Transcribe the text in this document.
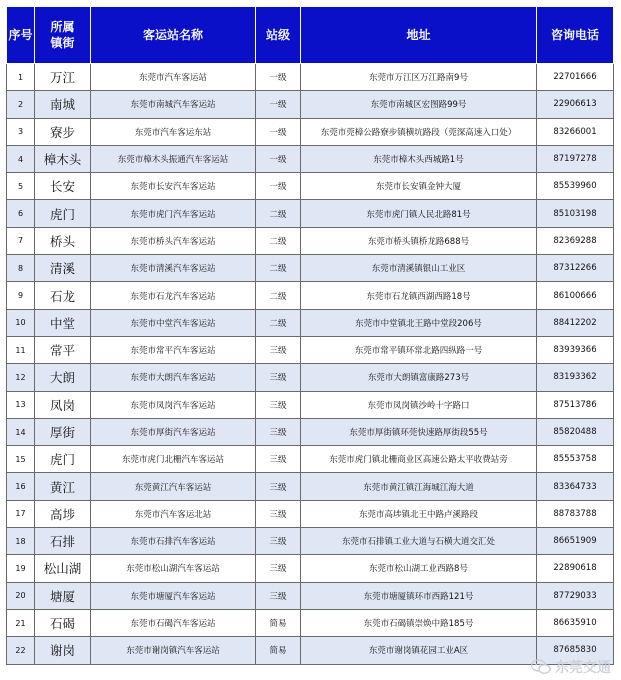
序号	所属镇街	客运站名称	站级	地址	咨询电话
1	万江	东莞市汽车客运站	一级	东莞市万江区万江路南9号	22701666
2	南城	东莞市南城汽车客运站	一级	东莞市南城区宏图路99号	22906613
3	寮步	东莞市汽车客运东站	一级	东莞市莞樟公路寮步镇横坑路段（莞深高速入口处）	83266001
4	樟木头	东莞市樟木头振通汽车客运站	一级	东莞市樟木头西城路1号	87197278
5	长安	东莞市长安汽车客运站	一级	东莞市长安镇金钟大厦	85539960
6	虎门	东莞市虎门汽车客运站	二级	东莞市虎门镇人民北路81号	85103198
7	桥头	东莞市桥头汽车客运站	二级	东莞市桥头镇桥龙路688号	82369288
8	清溪	东莞市清溪汽车客运站	二级	东莞市清溪镇银山工业区	87312266
9	石龙	东莞市石龙汽车客运站	二级	东莞市石龙镇西湖西路18号	86100666
10	中堂	东莞市中堂汽车客运站	二级	东莞市中堂镇北王路中堂段206号	88412202
11	常平	东莞市常平汽车客运站	三级	东莞市常平镇环常北路四纵路一号	83939366
12	大朗	东莞市大朗汽车客运站	三级	东莞市大朗镇富康路273号	83193362
13	凤岗	东莞市凤岗汽车客运站	三级	东莞市凤岗镇沙岭十字路口	87513786
14	厚街	东莞市厚街汽车客运站	三级	东莞市厚街镇环莞快速路厚街段55号	85820488
15	虎门	东莞市虎门北栅汽车客运站	三级	东莞市虎门镇北栅商业区高速公路太平收费站旁	85553758
16	黄江	东莞黄江汽车客运站	三级	东莞市黄江镇江海城江海大道	83364733
17	高埗	东莞市汽车客运北站	三级	东莞市高埗镇北王中路卢溪路段	88783788
18	石排	东莞市石排汽车客运站	三级	东莞市石排镇工业大道与石横大道交汇处	86651909
19	松山湖	东莞市松山湖汽车客运站	三级	东莞市松山湖工业西路8号	22890618
20	塘厦	东莞市塘厦汽车客运站	三级	东莞市塘厦镇环市西路121号	87729033
21	石碣	东莞市石碣汽车客运站	简易	东莞市石碣镇崇焕中路185号	86635910
22	谢岗	东莞市谢岗镇汽车客运站	简易	东莞市谢岗镇花园工业A区	87685830
东莞交通
